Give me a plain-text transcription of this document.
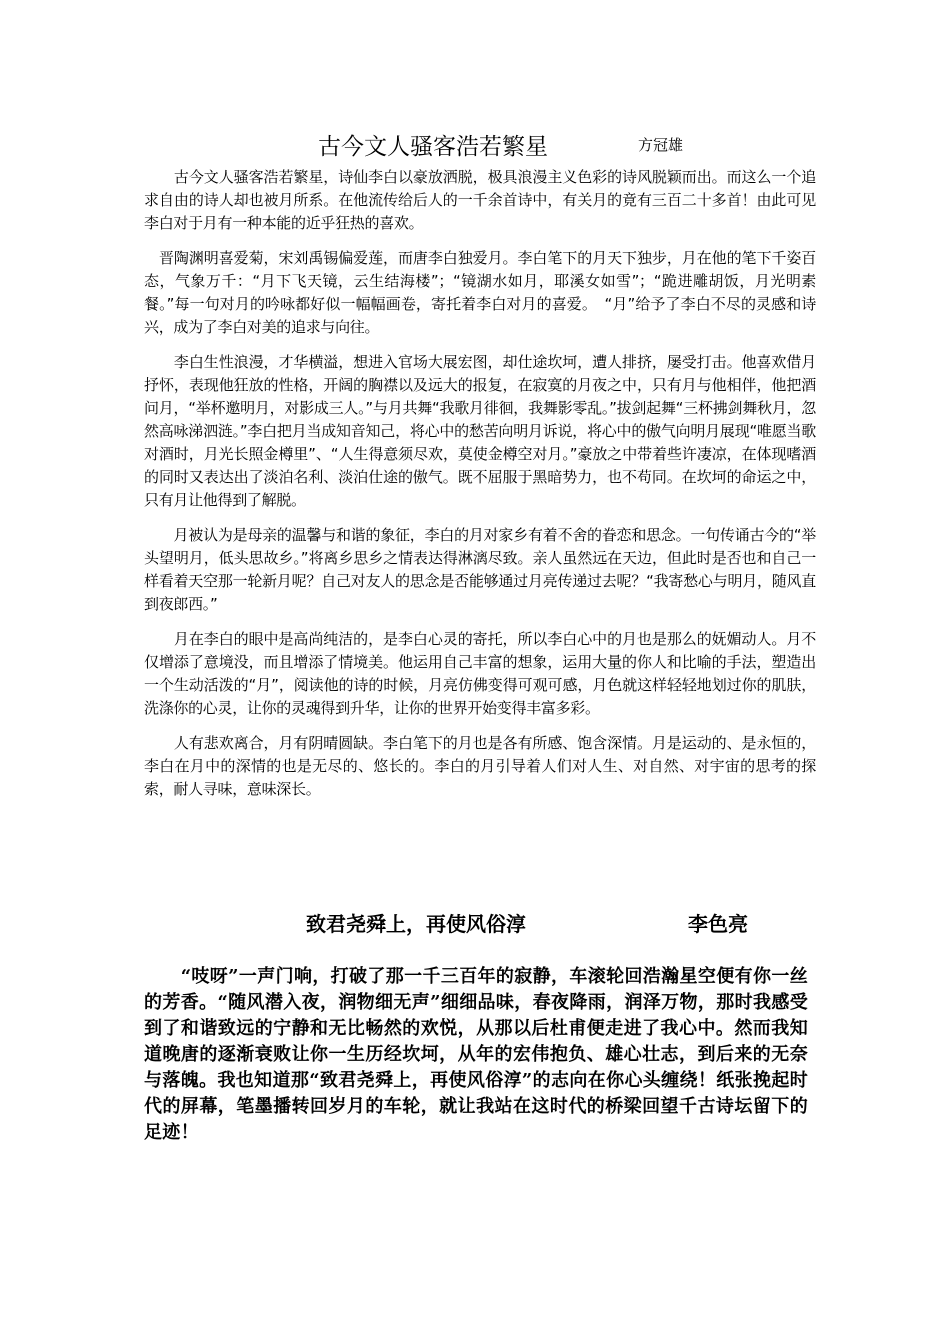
古今文人骚客浩若繁星	方冠雄

　　古今文人骚客浩若繁星，诗仙李白以豪放洒脱，极具浪漫主义色彩的诗风脱颖而出。而这么一个追求自由的诗人却也被月所系。在他流传给后人的一千余首诗中，有关月的竟有三百二十多首！由此可见李白对于月有一种本能的近乎狂热的喜欢。

　晋陶渊明喜爱菊，宋刘禹锡偏爱莲，而唐李白独爱月。李白笔下的月天下独步，月在他的笔下千姿百态，气象万千：“月下飞天镜，云生结海楼”；“镜湖水如月，耶溪女如雪”；“跪进雕胡饭，月光明素餐。”每一句对月的吟咏都好似一幅幅画卷，寄托着李白对月的喜爱。　“月”给予了李白不尽的灵感和诗兴，成为了李白对美的追求与向往。

　　李白生性浪漫，才华横溢，想进入官场大展宏图，却仕途坎坷，遭人排挤，屡受打击。他喜欢借月抒怀，表现他狂放的性格，开阔的胸襟以及远大的报复，在寂寞的月夜之中，只有月与他相伴，他把酒问月，“举杯邀明月，对影成三人。”与月共舞“我歌月徘徊，我舞影零乱。”拔剑起舞“三杯拂剑舞秋月，忽然高咏涕泗涟。”李白把月当成知音知己，将心中的愁苦向明月诉说，将心中的傲气向明月展现“唯愿当歌对酒时，月光长照金樽里”、“人生得意须尽欢，莫使金樽空对月。”豪放之中带着些许凄凉，在体现嗜酒的同时又表达出了淡泊名利、淡泊仕途的傲气。既不屈服于黑暗势力，也不苟同。在坎坷的命运之中，只有月让他得到了解脱。

　　月被认为是母亲的温馨与和谐的象征，李白的月对家乡有着不舍的眷恋和思念。一句传诵古今的“举头望明月，低头思故乡。”将离乡思乡之情表达得淋漓尽致。亲人虽然远在天边，但此时是否也和自己一样看着天空那一轮新月呢？自己对友人的思念是否能够通过月亮传递过去呢？“我寄愁心与明月，随风直到夜郎西。”

　　月在李白的眼中是高尚纯洁的，是李白心灵的寄托，所以李白心中的月也是那么的妩媚动人。月不仅增添了意境没，而且增添了情境美。他运用自己丰富的想象，运用大量的你人和比喻的手法，塑造出一个生动活泼的“月”，阅读他的诗的时候，月亮仿佛变得可观可感，月色就这样轻轻地划过你的肌肤，洗涤你的心灵，让你的灵魂得到升华，让你的世界开始变得丰富多彩。

　　人有悲欢离合，月有阴晴圆缺。李白笔下的月也是各有所感、饱含深情。月是运动的、是永恒的，李白在月中的深情的也是无尽的、悠长的。李白的月引导着人们对人生、对自然、对宇宙的思考的探索，耐人寻味，意味深长。

致君尧舜上，再使风俗淳	李色亮

　　“吱呀”一声门响，打破了那一千三百年的寂静，车滚轮回浩瀚星空便有你一丝的芳香。“随风潜入夜，润物细无声”细细品味，春夜降雨，润泽万物，那时我感受到了和谐致远的宁静和无比畅然的欢悦，从那以后杜甫便走进了我心中。然而我知道晚唐的逐渐衰败让你一生历经坎坷，从年的宏伟抱负、雄心壮志，到后来的无奈与落魄。我也知道那“致君尧舜上，再使风俗淳”的志向在你心头缠绕！纸张挽起时代的屏幕，笔墨播转回岁月的车轮，就让我站在这时代的桥梁回望千古诗坛留下的足迹！
